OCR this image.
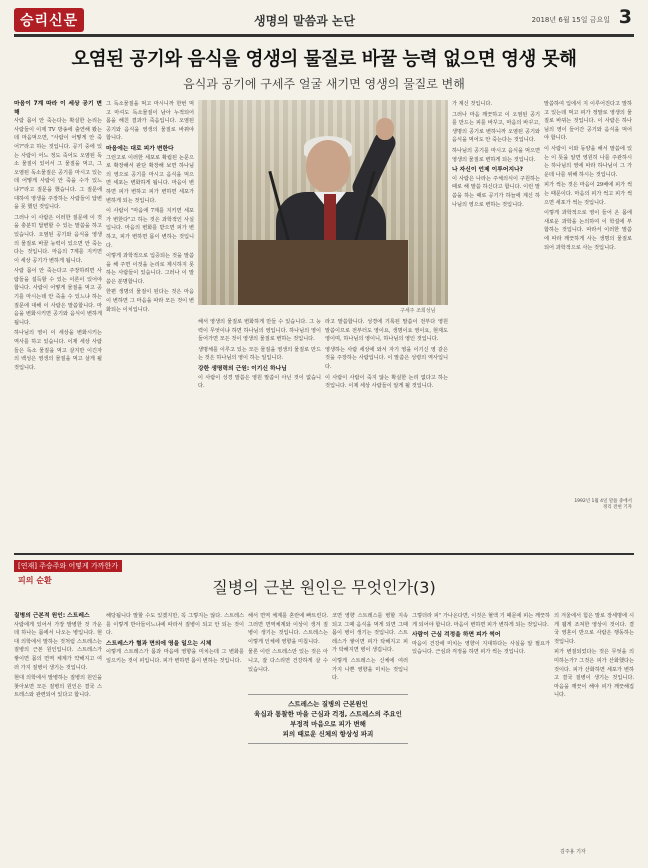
승리신문	생명의 말씀과 논단	2018년 6월 15일 금요일 3
오염된 공기와 음식을 영생의 물질로 바꿀 능력 없으면 영생 못해
음식과 공기에 구세주 얼굴 새기면 영생의 물질로 변해
마음이 7계 따라 이 세상 공기 변해
사람 몸이 안 죽는다는 확실한 논리는 사람들이 이제 TV 방송에 출연해 봤는데 마음먹으면, "사람이 어떻게 안 죽어?"라고 하는 것입니다. 공기 중에 있는 사람이 어느 정도 죽어도 오염된 독소 물질이 있어서 그 물질을 먹고, 그 오염된 독소물질은 공기를 마시고 있는데 어떻게 사람이 안 죽을 수가 있느냐?"라고 질문을 했습니다. 그 질문에 대하여 영생을 주장하는 사람들이 답변을 못 했던 것입니다.
그러나 이 사람은 이러한 질문에 이 것을 충분히 답변할 수 있는 말씀을 하고 있습니다. 오염된 공기와 음식을 영생의 물질로 바꿀 능력이 있으면 안 죽는다는 것입니다. 마음의 7계를 지키면 이 세상 공기가 변하게 됩니다.
사람 몸이 안 죽는다고 주장하려면 사람들을 설득할 수 있는 이론이 있어야 합니다. 사람이 어떻게 물질을 먹고 공기를 마시는데 안 죽을 수 있느냐 하는 질문에 대해 이 사람은 말씀합니다. 마음을 변화시키면 공기와 음식이 변하게 됩니다.
하나님의 영이 이 세상을 변화시키는 역사를 하고 있습니다. 이제 세상 사람들은 독소 물질을 먹고 살지만 이긴자의 백성은 영생의 물질을 먹고 살게 될 것입니다.
그 독소물질을 먹고 마시니까 한번 먹고 마셔도 독소물질이 남아 누적되어 몸을 해친 결과가 죽음입니다. 오염된 공기와 음식을 영생의 물질로 바꿔야 합니다.
마음에는 대로 피가 변한다
그런고로 이러한 세포로 확립된 논문으로 확장해서 판단 확장해 보면 하나님의 영으로 공기를 마시고 음식을 먹으면 세포는 변화하게 됩니다. 마음이 변하면 피가 변하고 피가 변하면 세포가 변하게 되는 것입니다.
이 사람이 "마음에 7계를 지키면 세포가 변한다"고 하는 것은 과학적인 사실입니다. 마음의 변화를 받으면 피가 변하고, 피가 변하면 몸이 변하는 것입니다.
이렇게 과학적으로 입증되는 것을 말씀을 해 주면 이것을 논리로 제시하지 못하는 사람들이 있습니다. 그러나 이 말씀은 분명합니다.
한편 생명의 물질이 된다는 것은 마음이 변하면 그 마음을 따라 모든 것이 변화되는 이치입니다.
해서 영생의 물질로 변화하게 만들 수 있습니다. 그 능력이 무엇이냐 하면 하나님의 영입니다. 하나님의 영이 들어가면 모든 것이 영생의 물질로 변하는 것입니다.
생명체를 이루고 있는 모든 물질을 영생의 물질로 만드는 것은 하나님의 영이 하는 일입니다.
강한 생명력의 근원: 이기신 하나님
이 사람이 성경 말씀은 영원 말씀이 아닌 것이 없습니다.
라고 말씀합니다. 성경에 기록된 말씀이 전부다 영원 말씀이므로 전부터도 영이요, 생명이요 영이요, 현재도 영이며, 하나님의 영이니, 하나님의 영인 것입니다.
영생하는 사람 세상에 와서 자기 영을 이기신 영 같은 것을 주장하는 사람입니다. 이 말씀은 성령의 역사입니다.
이 사람이 사람이 죽지 않는 확실한 논리 없다고 하는 것입니다. 이제 세상 사람들이 알게 될 것입니다.
가 계신 것입니다.
그러나 마음 깨끗하고 이 오염된 공기를 만드는 피를 바꾸고, 마음의 바꾸고, 생명의 공기로 변하니까 오염된 공기와 음식을 먹어도 안 죽는다는 것입니다.
하나님의 공기를 마시고 음식을 먹으면 영생의 물질로 변하게 되는 것입니다.
나 자신이 언제 이루어지나?
이 사람은 나라는 주체의식이 구원하는 때로 해 말씀 하신다고 합니다. 이런 말씀을 하는 때로 공기가 하늘에 계신 하나님의 영으로 변하는 것입니다.
말씀하여 입에서 지 이루어진다고 말하고 있는데 먹고 피가 정말로 영생의 물질로 바뀌는 것입니다. 이 사람은 하나님의 영이 들어간 공기와 음식을 먹어야 합니다.
이 사람이 이와 동양을 해서 말씀에 있는 이 뜻을 알면 영원히 나를 주관하시는 하나님의 영에 따라 하나님이 그 가운데 나를 위해 하시는 것입니다.
피가 썩는 것은 마음이 29배에 피가 썩는 때문이다. 마음의 피가 썩고 피가 썩으면 세포가 썩는 것입니다.
이렇게 과학적으로 영이 들어 온 몸에 새로운 과학을 논의하여 이 학설에 부합하는 것입니다. 따라서 이러한 말씀에 따라 깨끗하게 사는 생명의 물질로 되어 과학적으로 사는 것입니다.
구세주 조희성님
1992년 1월 4일 말씀 중에서
정리 전현 기자
[연재] 주승주와 어떻게 가까한가
피의 순환	질병의 근본 원인은 무엇인가(3)
질병의 근본적 원인: 스트레스
사람에게 있어서 가장 발병한 것 가운데 하나는 몸에서 나오는 병입니다. 현대 의학에서 말하는 것처럼 스트레스는 질병의 근본 원인입니다. 스트레스가 쌓이면 몸의 면역 체계가 약해지고 여러 가지 질병이 생기는 것입니다.
현대 의학에서 발병하는 질병의 원인을 찾아보면 모든 질병의 원인은 결국 스트레스와 관련되어 있다고 합니다.
해당됩니다 말할 수도 있겠지만, 꼭 그렇지는 않다. 스트레스를 이렇게 반아들이느냐에 따라서 질병이 되고 안 되는 것이다.
스트레스가 혈과 면의에 영을 일으는 시체
이렇게 스트레스가 몸과 마음에 영향을 미치는데 그 변화를 일으키는 것이 피입니다. 피가 변하면 몸이 변하는 것입니다.
해서 면역 체계를 혼란에 빠트린다. 그러면 면역체계와 이상이 생겨 질병이 생기는 것입니다. 스트레스는 이렇게 인체에 영향을 미칩니다.
물론 이런 스트레스만 있는 것은 아니고, 잘 다스리면 건강하게 살 수 있습니다.
코면 영향 스트레스를 병할 지속되고 그때 음식을 먹게 되면 그때 몸이 병이 생기는 것입니다. 스트레스가 쌓이면 피가 탁해지고 피가 탁해지면 병이 생깁니다.
이렇게 스트레스는 신체에 여러 가지 나쁜 영향을 미치는 것입니다.
그렇더라 피" 가나온다면, 이것은 혈액 기 때문에 피는 깨끗하게 되어야 합니다. 마음이 변하면 피가 변하게 되는 것입니다.
사람이 근심 걱정을 하면 피가 썩어
마음이 건강에 미치는 영향이 지대하다는 사실을 알 필요가 있습니다. 근심과 걱정을 하면 피가 썩는 것입니다.
의 겨울에서 힘은 말로 장세명에 시게 웹게 조져한 영상이 것이다. 결국 영혼이 반으로 사람은 행동하는 것입니다.
피가 변질되었다는 것은 무엇을 의미하는가? 그것은 피가 산화했다는 것이다. 피가 산화하면 세포가 변하고 결국 질병이 생기는 것입니다. 마음을 깨끗이 해야 피가 깨끗해집니다.
스트레스는 질병의 근본원인
육십과 통찰한 마을 근심과 걱정, 스트레스의 주요인
부정적 마음으로 피가 변해
피의 때로운 신체의 항상성 파괴
김주용 기자
